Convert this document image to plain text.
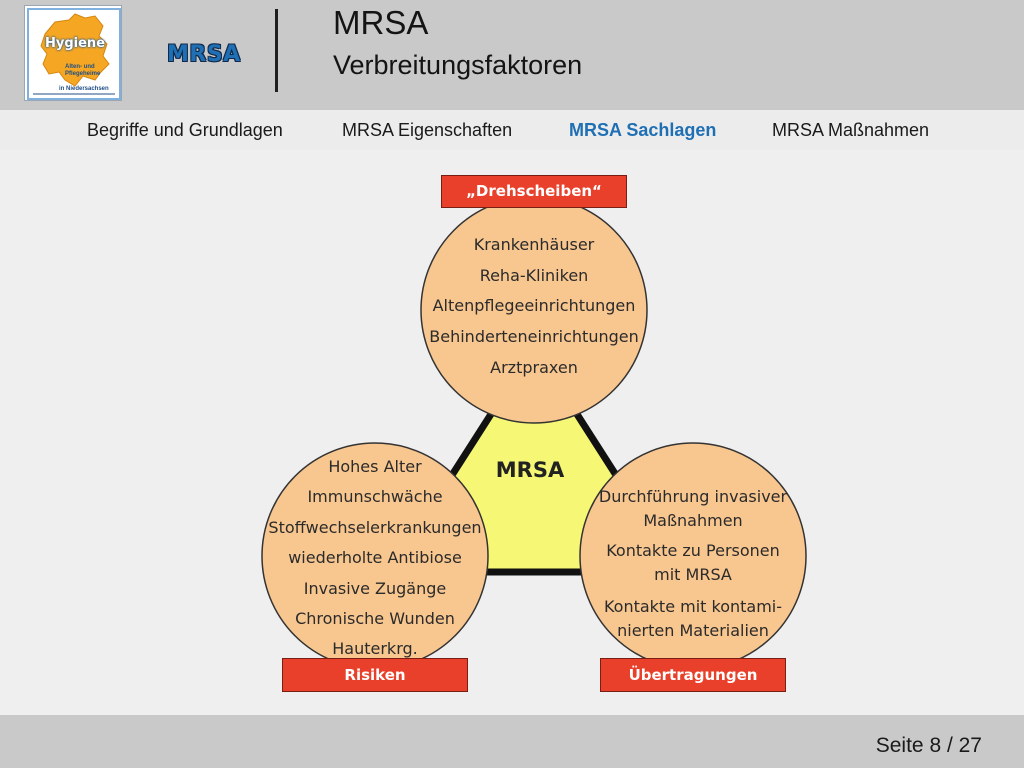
Hygiene
Alten- und
Pflegeheime
in Niedersachsen
MRSA
MRSA
Verbreitungsfaktoren
Begriffe und Grundlagen	MRSA Eigenschaften	MRSA Sachlagen	MRSA Maßnahmen
MRSA
Krankenhäuser
Reha-Kliniken
Altenpflegeeinrichtungen
Behinderteneinrichtungen
Arztpraxen
Hohes Alter
Immunschwäche
Stoffwechselerkrankungen
wiederholte Antibiose
Invasive Zugänge
Chronische Wunden
Hauterkrg.
Durchführung invasiver
Maßnahmen
Kontakte zu Personen
mit MRSA
Kontakte mit kontami-
nierten Materialien
„Drehscheiben“
Risiken	Übertragungen
Seite 8 / 27
